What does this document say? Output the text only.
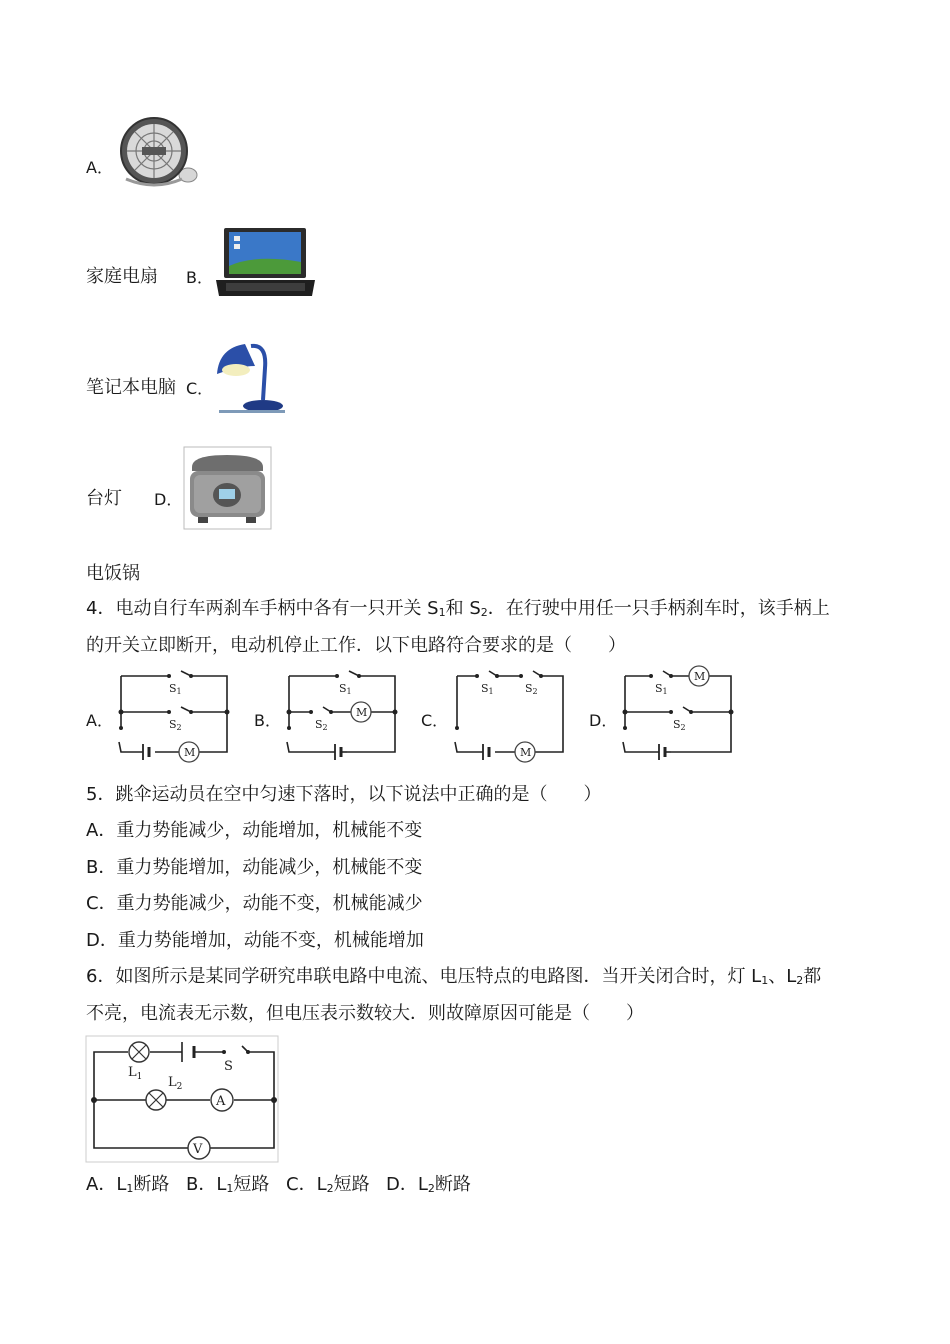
A．
家庭电扇 B．
笔记本电脑 C．
台灯 D．
电饭锅
4．电动自行车两刹车手柄中各有一只开关 S1和 S2．在行驶中用任一只手柄刹车时，该手柄上
的开关立即断开，电动机停止工作．以下电路符合要求的是（　　）
A．	B．	C．	D．
M
S1
S2
M
S1
S2
M
S1	S2
M
S1
S2
5．跳伞运动员在空中匀速下落时，以下说法中正确的是（　　）
A．重力势能减少，动能增加，机械能不变
B．重力势能增加，动能减少，机械能不变
C．重力势能减少，动能不变，机械能减少
D．重力势能增加，动能不变，机械能增加
6．如图所示是某同学研究串联电路中电流、电压特点的电路图．当开关闭合时，灯 L1、L2都
不亮，电流表无示数，但电压表示数较大．则故障原因可能是（　　）
A
V
$L_1$ $L_2$
S
A．L1断路 B．L1短路 C．L2短路 D．L2断路
